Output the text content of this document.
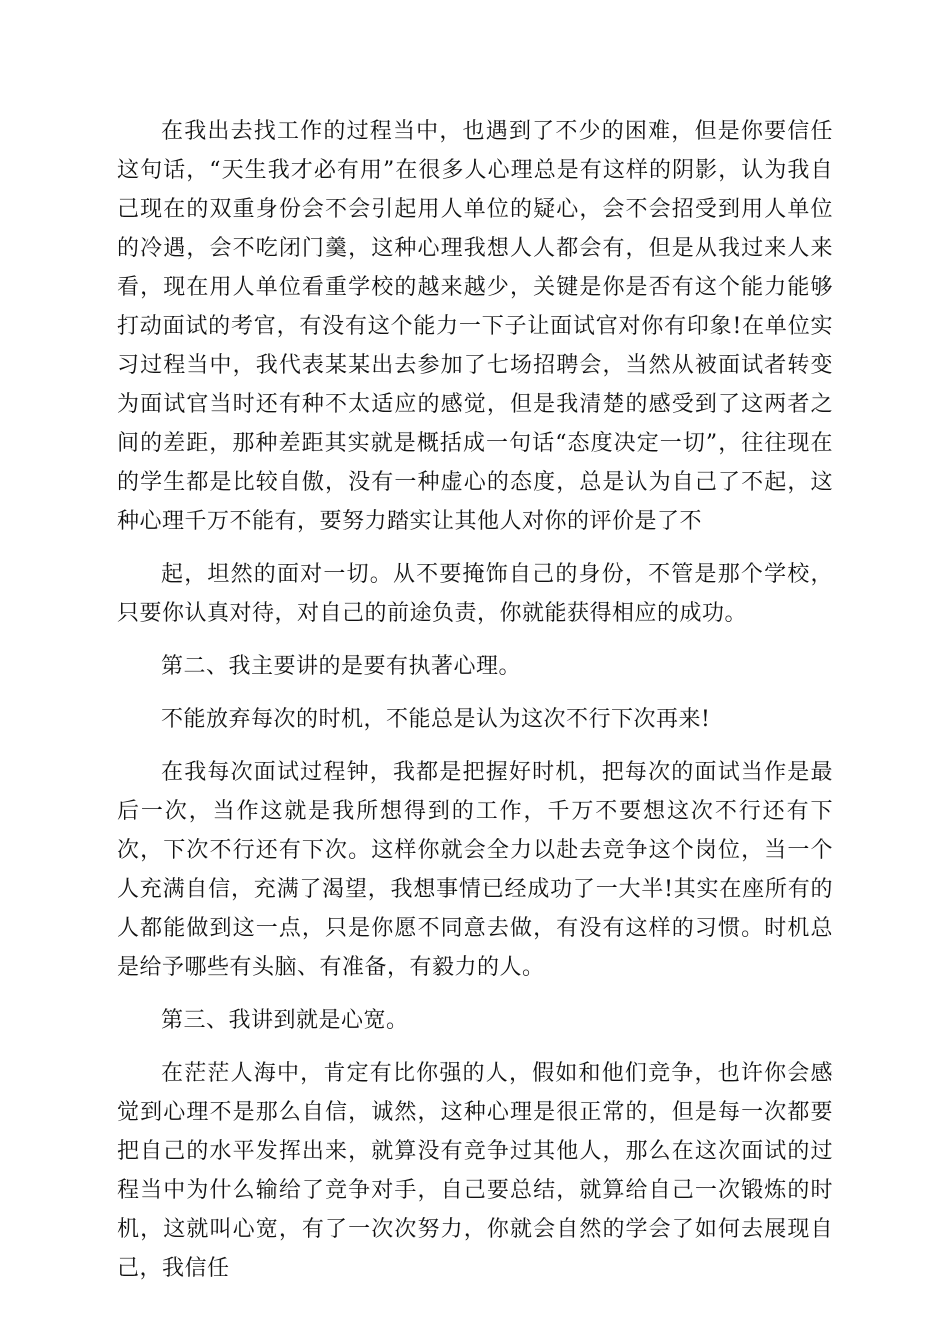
在我出去找工作的过程当中，也遇到了不少的困难，但是你要信任这句话，“天生我才必有用”在很多人心理总是有这样的阴影，认为我自己现在的双重身份会不会引起用人单位的疑心，会不会招受到用人单位的冷遇，会不吃闭门羹，这种心理我想人人都会有，但是从我过来人来看，现在用人单位看重学校的越来越少，关键是你是否有这个能力能够打动面试的考官，有没有这个能力一下子让面试官对你有印象!在单位实习过程当中，我代表某某出去参加了七场招聘会，当然从被面试者转变为面试官当时还有种不太适应的感觉，但是我清楚的感受到了这两者之间的差距，那种差距其实就是概括成一句话“态度决定一切”，往往现在的学生都是比较自傲，没有一种虚心的态度，总是认为自己了不起，这种心理千万不能有，要努力踏实让其他人对你的评价是了不

起，坦然的面对一切。从不要掩饰自己的身份，不管是那个学校，只要你认真对待，对自己的前途负责，你就能获得相应的成功。

第二、我主要讲的是要有执著心理。

不能放弃每次的时机，不能总是认为这次不行下次再来!

在我每次面试过程钟，我都是把握好时机，把每次的面试当作是最后一次，当作这就是我所想得到的工作，千万不要想这次不行还有下次，下次不行还有下次。这样你就会全力以赴去竞争这个岗位，当一个人充满自信，充满了渴望，我想事情已经成功了一大半!其实在座所有的人都能做到这一点，只是你愿不同意去做，有没有这样的习惯。时机总是给予哪些有头脑、有准备，有毅力的人。

第三、我讲到就是心宽。

在茫茫人海中，肯定有比你强的人，假如和他们竞争，也许你会感觉到心理不是那么自信，诚然，这种心理是很正常的，但是每一次都要把自己的水平发挥出来，就算没有竞争过其他人，那么在这次面试的过程当中为什么输给了竞争对手，自己要总结，就算给自己一次锻炼的时机，这就叫心宽，有了一次次努力，你就会自然的学会了如何去展现自己，我信任
